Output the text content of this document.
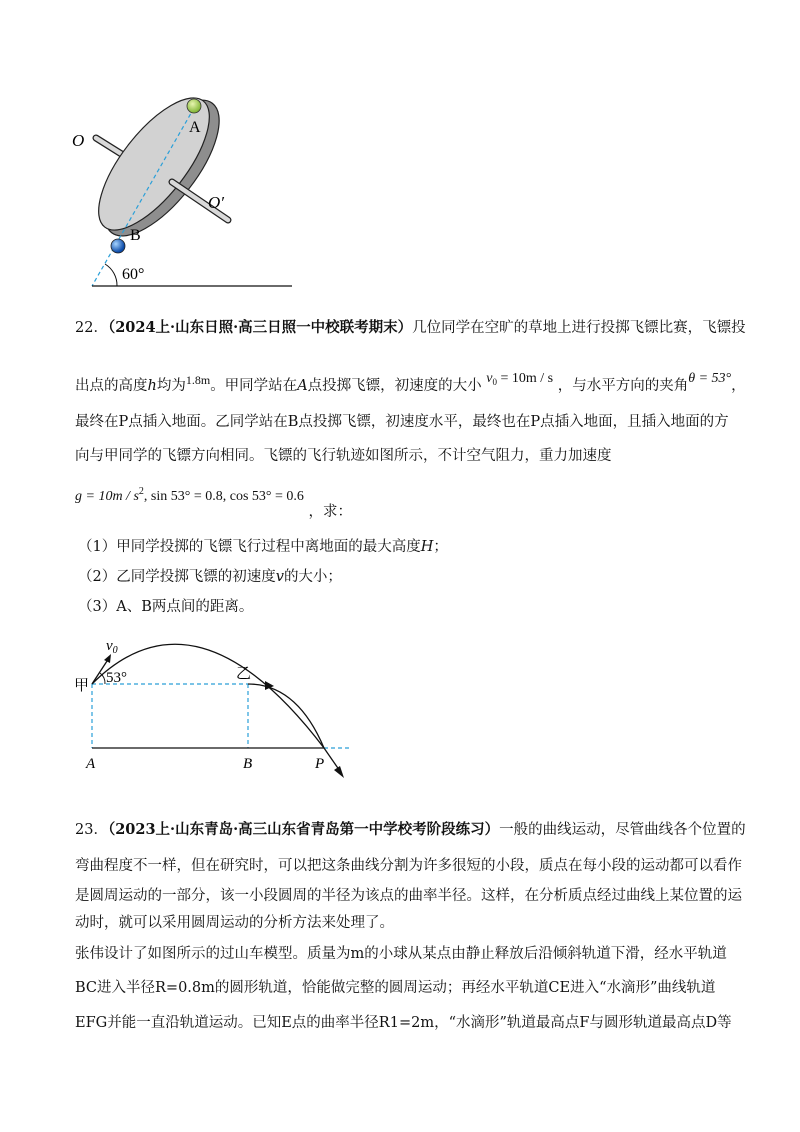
O
O′
A
B
60°
22．（2024上·山东日照·高三日照一中校联考期末）几位同学在空旷的草地上进行投掷飞镖比赛，飞镖投
出点的高度h均为$^{1.8m}$。甲同学站在A点投掷飞镖，初速度的大小 $v_0 = 10m / s$ ，与水平方向的夹角θ = 53°，
最终在P点插入地面。乙同学站在B点投掷飞镖，初速度水平，最终也在P点插入地面，且插入地面的方
向与甲同学的飞镖方向相同。飞镖的飞行轨迹如图所示，不计空气阻力，重力加速度
$g = 10m / s^2$, sin 53° = 0.8, cos 53° = 0.6 ，求：
（1）甲同学投掷的飞镖飞行过程中离地面的最大高度H；
（2）乙同学投掷飞镖的初速度v的大小；
（3）A、B两点间的距离。
$v_0$
53°
甲
乙
A	B	P
23．（2023上·山东青岛·高三山东省青岛第一中学校考阶段练习）一般的曲线运动，尽管曲线各个位置的
弯曲程度不一样，但在研究时，可以把这条曲线分割为许多很短的小段，质点在每小段的运动都可以看作
是圆周运动的一部分，该一小段圆周的半径为该点的曲率半径。这样，在分析质点经过曲线上某位置的运
动时，就可以采用圆周运动的分析方法来处理了。
张伟设计了如图所示的过山车模型。质量为m的小球从某点由静止释放后沿倾斜轨道下滑，经水平轨道
BC进入半径R=0.8m的圆形轨道，恰能做完整的圆周运动；再经水平轨道CE进入“水滴形”曲线轨道
EFG并能一直沿轨道运动。已知E点的曲率半径R1=2m，“水滴形”轨道最高点F与圆形轨道最高点D等
